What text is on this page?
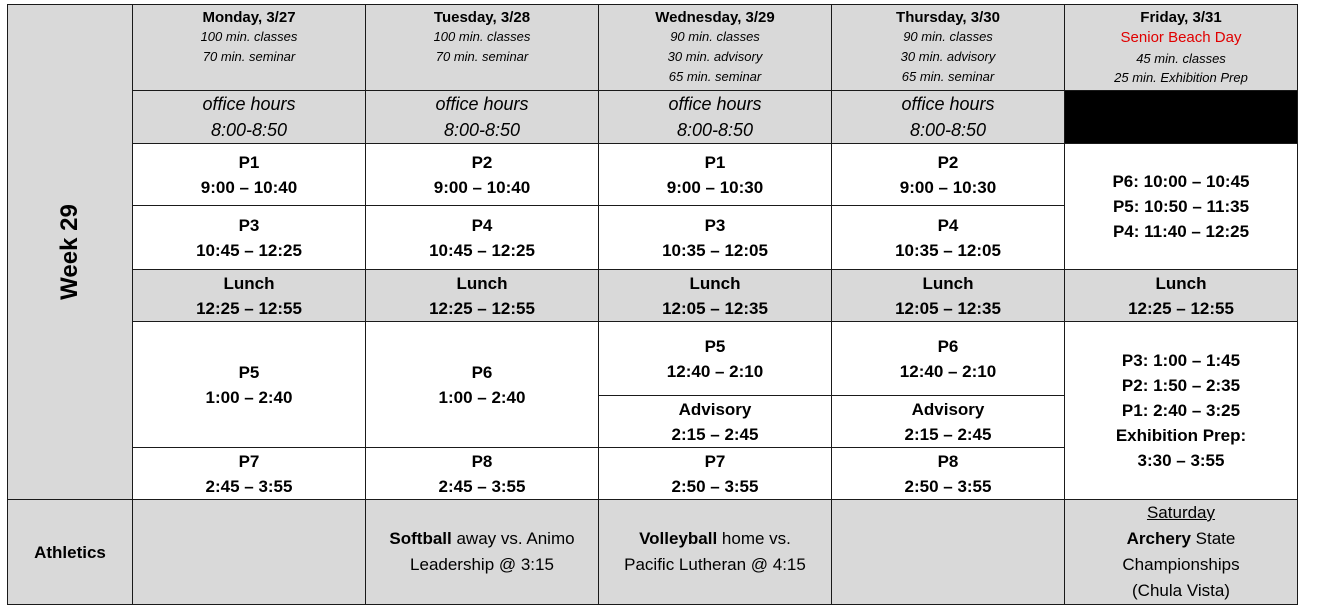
Week 29
Monday, 3/27
100 min. classes
70 min. seminar
Tuesday, 3/28
100 min. classes
70 min. seminar
Wednesday, 3/29
90 min. classes
30 min. advisory
65 min. seminar
Thursday, 3/30
90 min. classes
30 min. advisory
65 min. seminar
Friday, 3/31
Senior Beach Day
45 min. classes
25 min. Exhibition Prep
office hours
8:00-8:50
office hours
8:00-8:50
office hours
8:00-8:50
office hours
8:00-8:50
P1
9:00 – 10:40
P3
10:45 – 12:25
P2
9:00 – 10:40
P4
10:45 – 12:25
P1
9:00 – 10:30
P3
10:35 – 12:05
P2
9:00 – 10:30
P4
10:35 – 12:05
P6: 10:00 – 10:45
P5: 10:50 – 11:35
P4: 11:40 – 12:25
Lunch
12:25 – 12:55
Lunch
12:25 – 12:55
Lunch
12:05 – 12:35
Lunch
12:05 – 12:35
Lunch
12:25 – 12:55
P5
1:00 – 2:40
P7
2:45 – 3:55
P6
1:00 – 2:40
P8
2:45 – 3:55
P5
12:40 – 2:10
Advisory
2:15 – 2:45
P7
2:50 – 3:55
P6
12:40 – 2:10
Advisory
2:15 – 2:45
P8
2:50 – 3:55
P3: 1:00 – 1:45
P2: 1:50 – 2:35
P1: 2:40 – 3:25
Exhibition Prep:
3:30 – 3:55
Athletics
Softball away vs. Animo
Leadership @ 3:15
Volleyball home vs.
Pacific Lutheran @ 4:15
Saturday
Archery State
Championships
(Chula Vista)
